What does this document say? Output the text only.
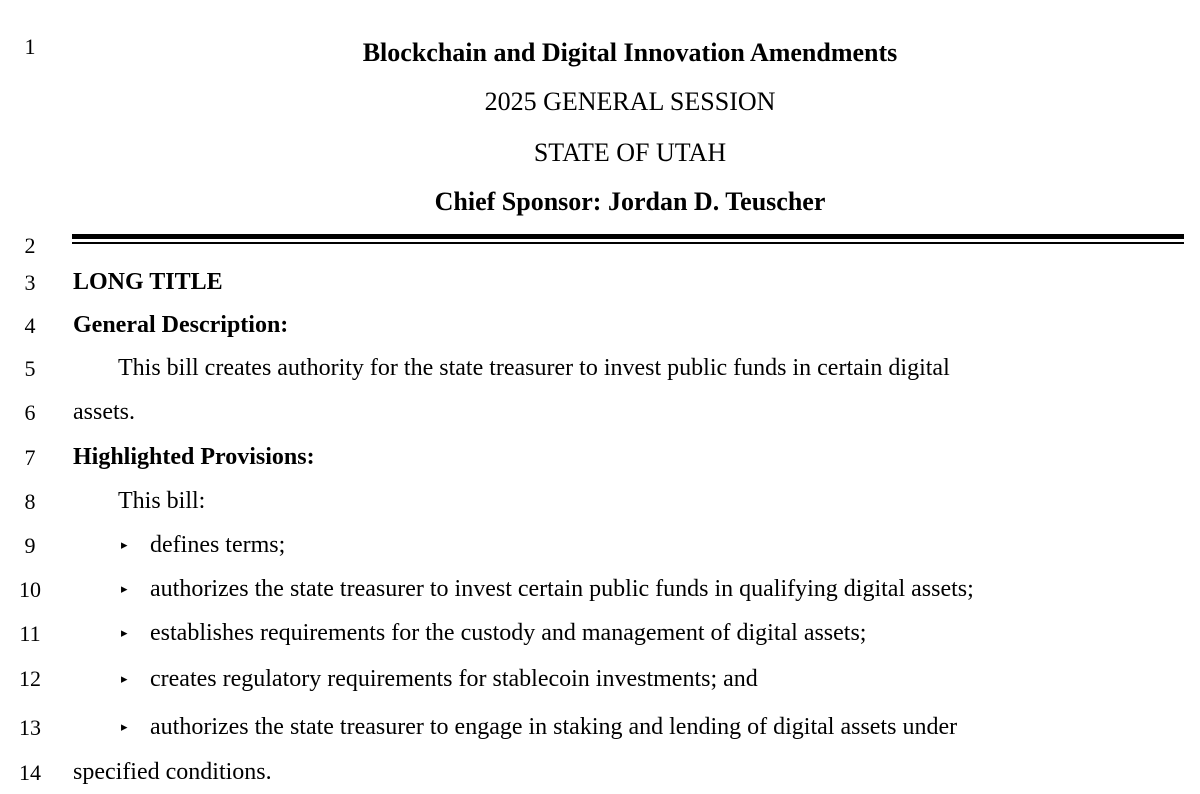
1
2
3
4
5
6
7
8
9
10
11
12
13
14
Blockchain and Digital Innovation Amendments
2025 GENERAL SESSION
STATE OF UTAH
Chief Sponsor: Jordan D. Teuscher
LONG TITLE
General Description:
This bill creates authority for the state treasurer to invest public funds in certain digital
assets.
Highlighted Provisions:
This bill:
▸ defines terms;
▸ authorizes the state treasurer to invest certain public funds in qualifying digital assets;
▸ establishes requirements for the custody and management of digital assets;
▸ creates regulatory requirements for stablecoin investments; and
▸ authorizes the state treasurer to engage in staking and lending of digital assets under
specified conditions.
